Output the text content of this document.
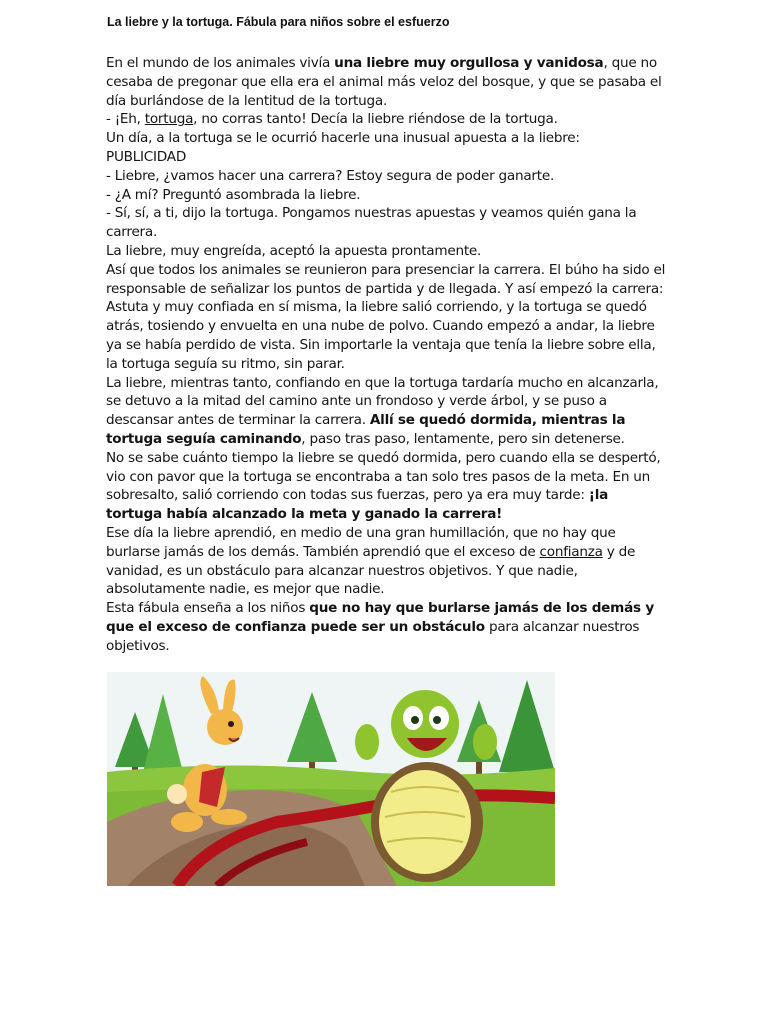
La liebre y la tortuga. Fábula para niños sobre el esfuerzo

En el mundo de los animales vivía una liebre muy orgullosa y vanidosa, que no cesaba de pregonar que ella era el animal más veloz del bosque, y que se pasaba el día burlándose de la lentitud de la tortuga.

- ¡Eh, tortuga, no corras tanto! Decía la liebre riéndose de la tortuga.

Un día, a la tortuga se le ocurrió hacerle una inusual apuesta a la liebre:

PUBLICIDAD

- Liebre, ¿vamos hacer una carrera? Estoy segura de poder ganarte.

- ¿A mí? Preguntó asombrada la liebre.

- Sí, sí, a ti, dijo la tortuga. Pongamos nuestras apuestas y veamos quién gana la carrera.

La liebre, muy engreída, aceptó la apuesta prontamente.

Así que todos los animales se reunieron para presenciar la carrera. El búho ha sido el responsable de señalizar los puntos de partida y de llegada. Y así empezó la carrera:

Astuta y muy confiada en sí misma, la liebre salió corriendo, y la tortuga se quedó atrás, tosiendo y envuelta en una nube de polvo. Cuando empezó a andar, la liebre ya se había perdido de vista. Sin importarle la ventaja que tenía la liebre sobre ella, la tortuga seguía su ritmo, sin parar.

La liebre, mientras tanto, confiando en que la tortuga tardaría mucho en alcanzarla, se detuvo a la mitad del camino ante un frondoso y verde árbol, y se puso a descansar antes de terminar la carrera. Allí se quedó dormida, mientras la tortuga seguía caminando, paso tras paso, lentamente, pero sin detenerse.

No se sabe cuánto tiempo la liebre se quedó dormida, pero cuando ella se despertó, vio con pavor que la tortuga se encontraba a tan solo tres pasos de la meta. En un sobresalto, salió corriendo con todas sus fuerzas, pero ya era muy tarde: ¡la tortuga había alcanzado la meta y ganado la carrera!

Ese día la liebre aprendió, en medio de una gran humillación, que no hay que burlarse jamás de los demás. También aprendió que el exceso de confianza y de vanidad, es un obstáculo para alcanzar nuestros objetivos. Y que nadie, absolutamente nadie, es mejor que nadie.

Esta fábula enseña a los niños que no hay que burlarse jamás de los demás y que el exceso de confianza puede ser un obstáculo para alcanzar nuestros objetivos.
